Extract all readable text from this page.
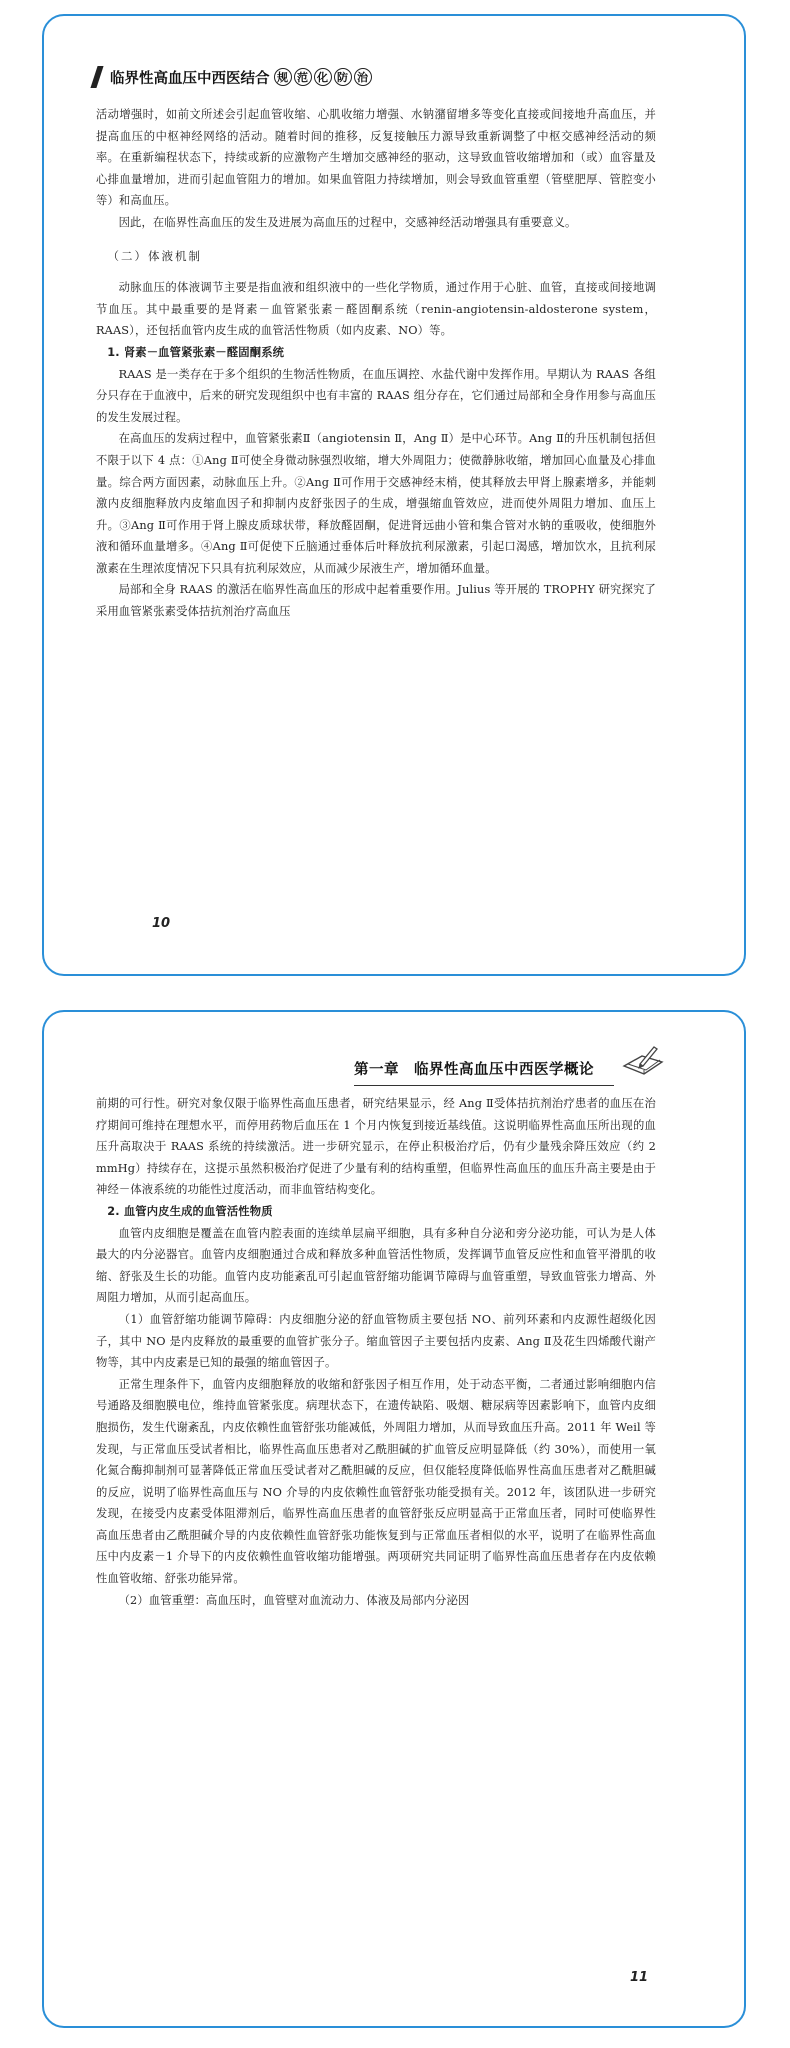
临界性高血压中西医结合 规 范 化 防 治

活动增强时，如前文所述会引起血管收缩、心肌收缩力增强、水钠潴留增多等变化直接或间接地升高血压，并提高血压的中枢神经网络的活动。随着时间的推移，反复接触压力源导致重新调整了中枢交感神经活动的频率。在重新编程状态下，持续或新的应激物产生增加交感神经的驱动，这导致血管收缩增加和（或）血容量及心排血量增加，进而引起血管阻力的增加。如果血管阻力持续增加，则会导致血管重塑（管壁肥厚、管腔变小等）和高血压。

因此，在临界性高血压的发生及进展为高血压的过程中，交感神经活动增强具有重要意义。

（二）体液机制

动脉血压的体液调节主要是指血液和组织液中的一些化学物质，通过作用于心脏、血管，直接或间接地调节血压。其中最重要的是肾素－血管紧张素－醛固酮系统（renin-angiotensin-aldosterone system，RAAS），还包括血管内皮生成的血管活性物质（如内皮素、NO）等。

1. 肾素－血管紧张素－醛固酮系统

RAAS 是一类存在于多个组织的生物活性物质，在血压调控、水盐代谢中发挥作用。早期认为 RAAS 各组分只存在于血液中，后来的研究发现组织中也有丰富的 RAAS 组分存在，它们通过局部和全身作用参与高血压的发生发展过程。

在高血压的发病过程中，血管紧张素Ⅱ（angiotensin Ⅱ，Ang Ⅱ）是中心环节。Ang Ⅱ的升压机制包括但不限于以下 4 点：①Ang Ⅱ可使全身微动脉强烈收缩，增大外周阻力；使微静脉收缩，增加回心血量及心排血量。综合两方面因素，动脉血压上升。②Ang Ⅱ可作用于交感神经末梢，使其释放去甲肾上腺素增多，并能刺激内皮细胞释放内皮缩血因子和抑制内皮舒张因子的生成，增强缩血管效应，进而使外周阻力增加、血压上升。③Ang Ⅱ可作用于肾上腺皮质球状带，释放醛固酮，促进肾远曲小管和集合管对水钠的重吸收，使细胞外液和循环血量增多。④Ang Ⅱ可促使下丘脑通过垂体后叶释放抗利尿激素，引起口渴感，增加饮水，且抗利尿激素在生理浓度情况下只具有抗利尿效应，从而减少尿液生产，增加循环血量。

局部和全身 RAAS 的激活在临界性高血压的形成中起着重要作用。Julius 等开展的 TROPHY 研究探究了采用血管紧张素受体拮抗剂治疗高血压

10
第一章　临界性高血压中西医学概论

前期的可行性。研究对象仅限于临界性高血压患者，研究结果显示，经 Ang Ⅱ受体拮抗剂治疗患者的血压在治疗期间可维持在理想水平，而停用药物后血压在 1 个月内恢复到接近基线值。这说明临界性高血压所出现的血压升高取决于 RAAS 系统的持续激活。进一步研究显示，在停止积极治疗后，仍有少量残余降压效应（约 2 mmHg）持续存在，这提示虽然积极治疗促进了少量有利的结构重塑，但临界性高血压的血压升高主要是由于神经－体液系统的功能性过度活动，而非血管结构变化。

2. 血管内皮生成的血管活性物质

血管内皮细胞是覆盖在血管内腔表面的连续单层扁平细胞，具有多种自分泌和旁分泌功能，可认为是人体最大的内分泌器官。血管内皮细胞通过合成和释放多种血管活性物质，发挥调节血管反应性和血管平滑肌的收缩、舒张及生长的功能。血管内皮功能紊乱可引起血管舒缩功能调节障碍与血管重塑，导致血管张力增高、外周阻力增加，从而引起高血压。

（1）血管舒缩功能调节障碍：内皮细胞分泌的舒血管物质主要包括 NO、前列环素和内皮源性超级化因子，其中 NO 是内皮释放的最重要的血管扩张分子。缩血管因子主要包括内皮素、Ang Ⅱ及花生四烯酸代谢产物等，其中内皮素是已知的最强的缩血管因子。

正常生理条件下，血管内皮细胞释放的收缩和舒张因子相互作用，处于动态平衡，二者通过影响细胞内信号通路及细胞膜电位，维持血管紧张度。病理状态下，在遗传缺陷、吸烟、糖尿病等因素影响下，血管内皮细胞损伤，发生代谢紊乱，内皮依赖性血管舒张功能减低，外周阻力增加，从而导致血压升高。2011 年 Weil 等发现，与正常血压受试者相比，临界性高血压患者对乙酰胆碱的扩血管反应明显降低（约 30%），而使用一氧化氮合酶抑制剂可显著降低正常血压受试者对乙酰胆碱的反应，但仅能轻度降低临界性高血压患者对乙酰胆碱的反应，说明了临界性高血压与 NO 介导的内皮依赖性血管舒张功能受损有关。2012 年，该团队进一步研究发现，在接受内皮素受体阻滞剂后，临界性高血压患者的血管舒张反应明显高于正常血压者，同时可使临界性高血压患者由乙酰胆碱介导的内皮依赖性血管舒张功能恢复到与正常血压者相似的水平，说明了在临界性高血压中内皮素－1 介导下的内皮依赖性血管收缩功能增强。两项研究共同证明了临界性高血压患者存在内皮依赖性血管收缩、舒张功能异常。

（2）血管重塑：高血压时，血管壁对血流动力、体液及局部内分泌因

11
